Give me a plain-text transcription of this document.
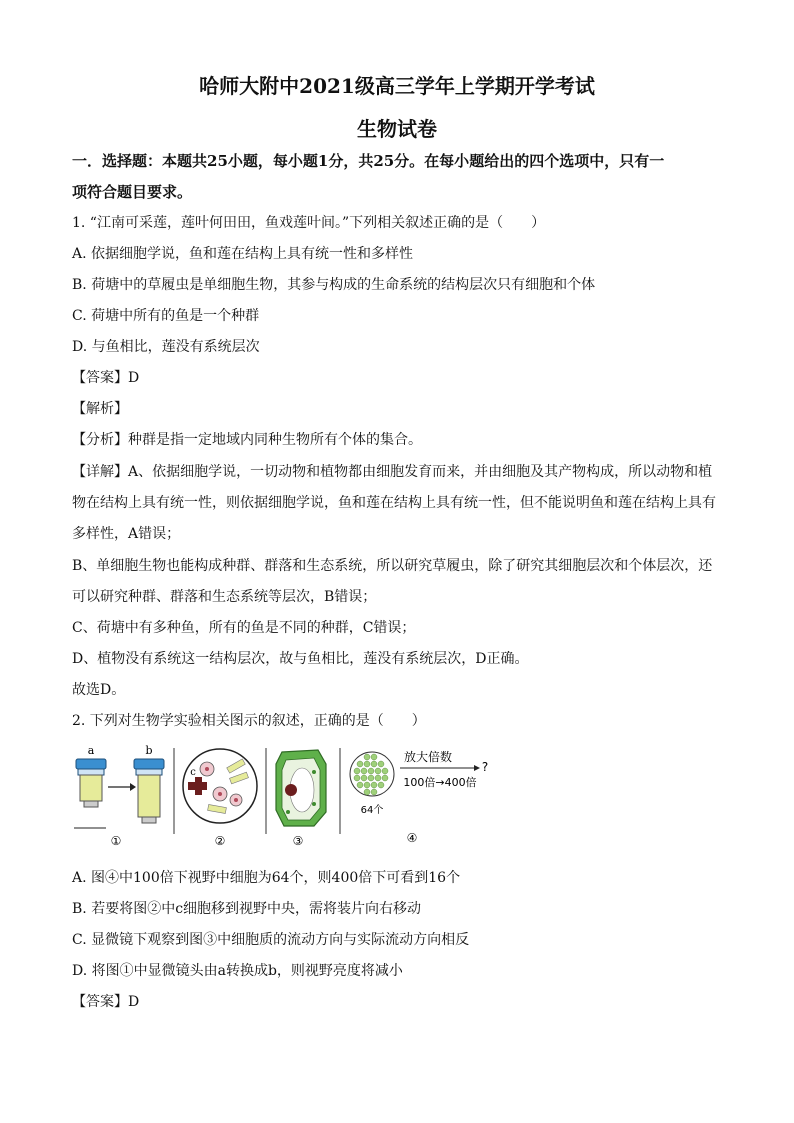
哈师大附中2021级高三学年上学期开学考试
生物试卷
一．选择题：本题共25小题，每小题1分，共25分。在每小题给出的四个选项中，只有一
项符合题目要求。
1. “江南可采莲，莲叶何田田，鱼戏莲叶间。”下列相关叙述正确的是（　　）
A. 依据细胞学说，鱼和莲在结构上具有统一性和多样性
B. 荷塘中的草履虫是单细胞生物，其参与构成的生命系统的结构层次只有细胞和个体
C. 荷塘中所有的鱼是一个种群
D. 与鱼相比，莲没有系统层次
【答案】D
【解析】
【分析】种群是指一定地域内同种生物所有个体的集合。
【详解】A、依据细胞学说，一切动物和植物都由细胞发育而来，并由细胞及其产物构成，所以动物和植
物在结构上具有统一性，则依据细胞学说，鱼和莲在结构上具有统一性，但不能说明鱼和莲在结构上具有
多样性，A错误；
B、单细胞生物也能构成种群、群落和生态系统，所以研究草履虫，除了研究其细胞层次和个体层次，还
可以研究种群、群落和生态系统等层次，B错误；
C、荷塘中有多种鱼，所有的鱼是不同的种群，C错误；
D、植物没有系统这一结构层次，故与鱼相比，莲没有系统层次，D正确。
故选D。
2. 下列对生物学实验相关图示的叙述，正确的是（　　）
a	b
①
c
②	③
64个
放大倍数
?
100倍→400倍
④
A. 图④中100倍下视野中细胞为64个，则400倍下可看到16个
B. 若要将图②中c细胞移到视野中央，需将装片向右移动
C. 显微镜下观察到图③中细胞质的流动方向与实际流动方向相反
D. 将图①中显微镜头由a转换成b，则视野亮度将减小
【答案】D
